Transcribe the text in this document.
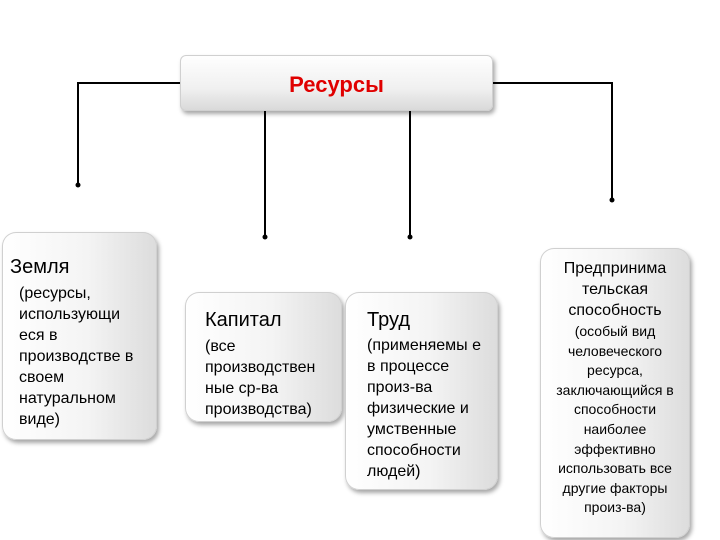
Ресурсы
Земля
(ресурсы, использующи еся в производстве в своем натуральном виде)
Капитал
(все производствен ные ср-ва производства)
Труд
(применяемы е в процессе произ-ва физические и умственные способности людей)
Предпринима тельская способность
(особый вид человеческого ресурса, заключающийся в способности наиболее эффективно использовать все другие факторы произ-ва)
